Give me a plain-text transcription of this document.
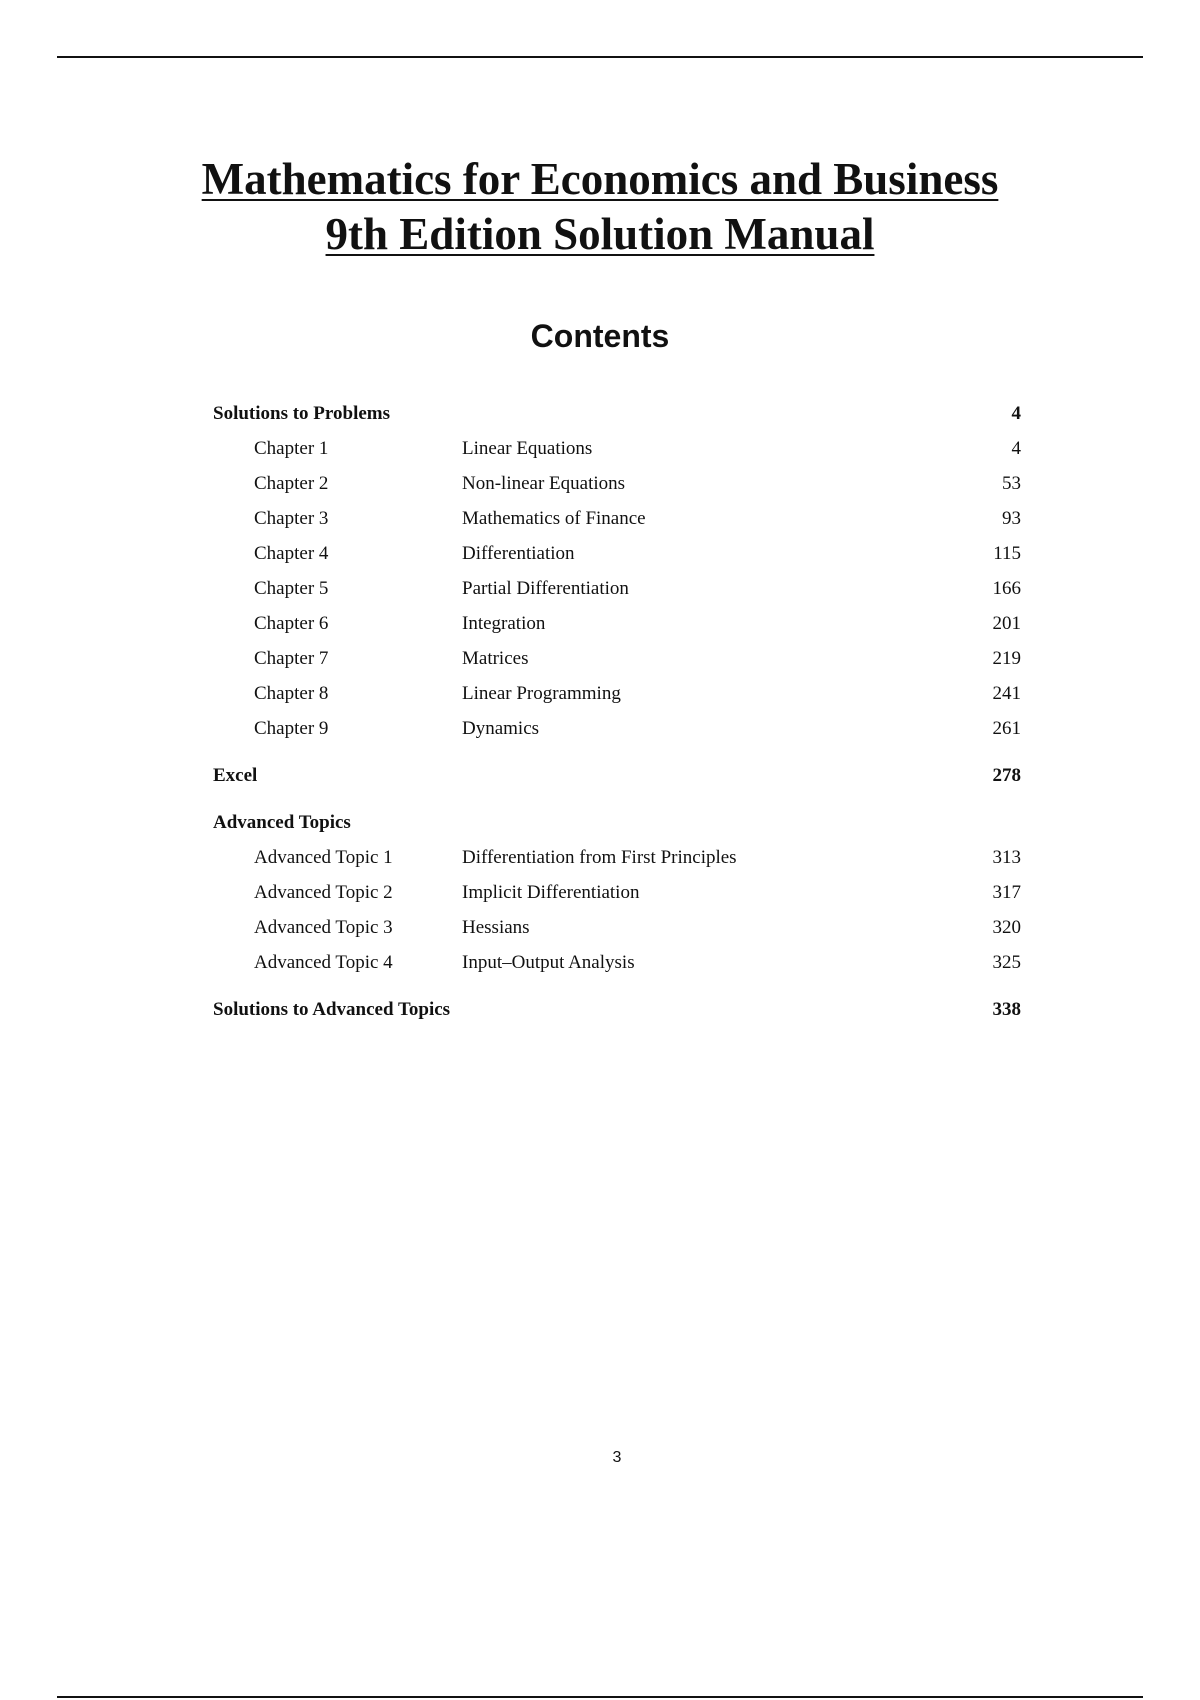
Mathematics for Economics and Business
9th Edition Solution Manual
Contents
Solutions to Problems	4
Chapter 1	Linear Equations	4
Chapter 2	Non-linear Equations	53
Chapter 3	Mathematics of Finance	93
Chapter 4	Differentiation	115
Chapter 5	Partial Differentiation	166
Chapter 6	Integration	201
Chapter 7	Matrices	219
Chapter 8	Linear Programming	241
Chapter 9	Dynamics	261
Excel	278
Advanced Topics
Advanced Topic 1	Differentiation from First Principles	313
Advanced Topic 2	Implicit Differentiation	317
Advanced Topic 3	Hessians	320
Advanced Topic 4	Input–Output Analysis	325
Solutions to Advanced Topics	338
3
